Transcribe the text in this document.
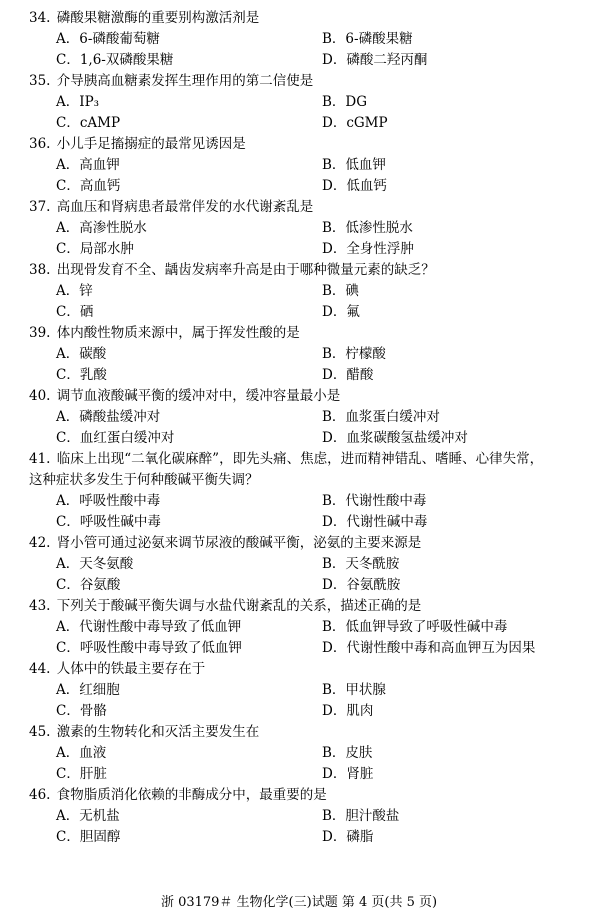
34. 磷酸果糖激酶的重要别构激活剂是
A．6-磷酸葡萄糖	B．6-磷酸果糖
C．1,6-双磷酸果糖	D．磷酸二羟丙酮
35. 介导胰高血糖素发挥生理作用的第二信使是
A．IP₃	B．DG
C．cAMP	D．cGMP
36. 小儿手足搐搦症的最常见诱因是
A．高血钾	B．低血钾
C．高血钙	D．低血钙
37. 高血压和肾病患者最常伴发的水代谢紊乱是
A．高渗性脱水	B．低渗性脱水
C．局部水肿	D．全身性浮肿
38. 出现骨发育不全、龋齿发病率升高是由于哪种微量元素的缺乏？
A．锌	B．碘
C．硒	D．氟
39. 体内酸性物质来源中，属于挥发性酸的是
A．碳酸	B．柠檬酸
C．乳酸	D．醋酸
40. 调节血液酸碱平衡的缓冲对中，缓冲容量最小是
A．磷酸盐缓冲对	B．血浆蛋白缓冲对
C．血红蛋白缓冲对	D．血浆碳酸氢盐缓冲对
41. 临床上出现“二氧化碳麻醉”，即先头痛、焦虑，进而精神错乱、嗜睡、心律失常，
这种症状多发生于何种酸碱平衡失调？
A．呼吸性酸中毒	B．代谢性酸中毒
C．呼吸性碱中毒	D．代谢性碱中毒
42. 肾小管可通过泌氨来调节尿液的酸碱平衡，泌氨的主要来源是
A．天冬氨酸	B．天冬酰胺
C．谷氨酸	D．谷氨酰胺
43. 下列关于酸碱平衡失调与水盐代谢紊乱的关系，描述正确的是
A．代谢性酸中毒导致了低血钾	B．低血钾导致了呼吸性碱中毒
C．呼吸性酸中毒导致了低血钾	D．代谢性酸中毒和高血钾互为因果
44. 人体中的铁最主要存在于
A．红细胞	B．甲状腺
C．骨骼	D．肌肉
45. 激素的生物转化和灭活主要发生在
A．血液	B．皮肤
C．肝脏	D．肾脏
46. 食物脂质消化依赖的非酶成分中，最重要的是
A．无机盐	B．胆汁酸盐
C．胆固醇	D．磷脂
浙 03179＃ 生物化学(三)试题 第 4 页(共 5 页)
